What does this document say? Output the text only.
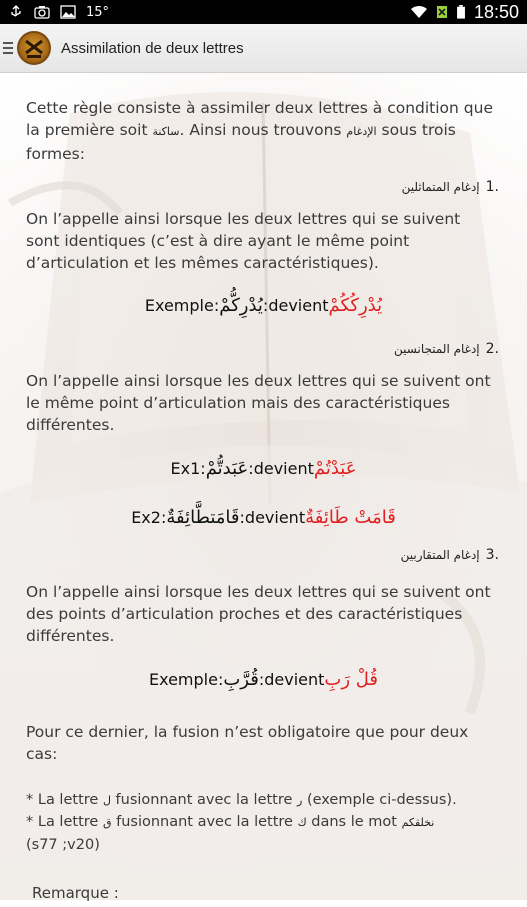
15°	18:50
Assimilation de deux lettres
Cette règle consiste à assimiler deux lettres à condition que la première soit ساكنة. Ainsi nous trouvons الإدغام sous trois formes:
إدغام المتماثلين 1.
On l’appelle ainsi lorsque les deux lettres qui se suivent sont identiques (c’est à dire ayant le même point d’articulation et les mêmes caractéristiques).
Exemple:يُدْرِكُّمْ:devientيُدْرِكُكُمْ
إدغام المتجانسين 2.
On l’appelle ainsi lorsque les deux lettres qui se suivent ont le même point d’articulation mais des caractéristiques différentes.
Ex1:عَبَدتُّمْ:devientعَبَدْتُمْ
Ex2:قَامَتطَّائِفَةٌ:devientقَامَتْ طَائِفَةٌ
إدغام المتقاربين 3.
On l’appelle ainsi lorsque les deux lettres qui se suivent ont des points d’articulation proches et des caractéristiques différentes.
Exemple:قُرَّبِ:devientقُلْ رَبِ
Pour ce dernier, la fusion n’est obligatoire que pour deux cas:
* La lettre ل fusionnant avec la lettre ر (exemple ci-dessus).
* La lettre ق fusionnant avec la lettre ك dans le mot نخلقكم
(s77 ;v20)
